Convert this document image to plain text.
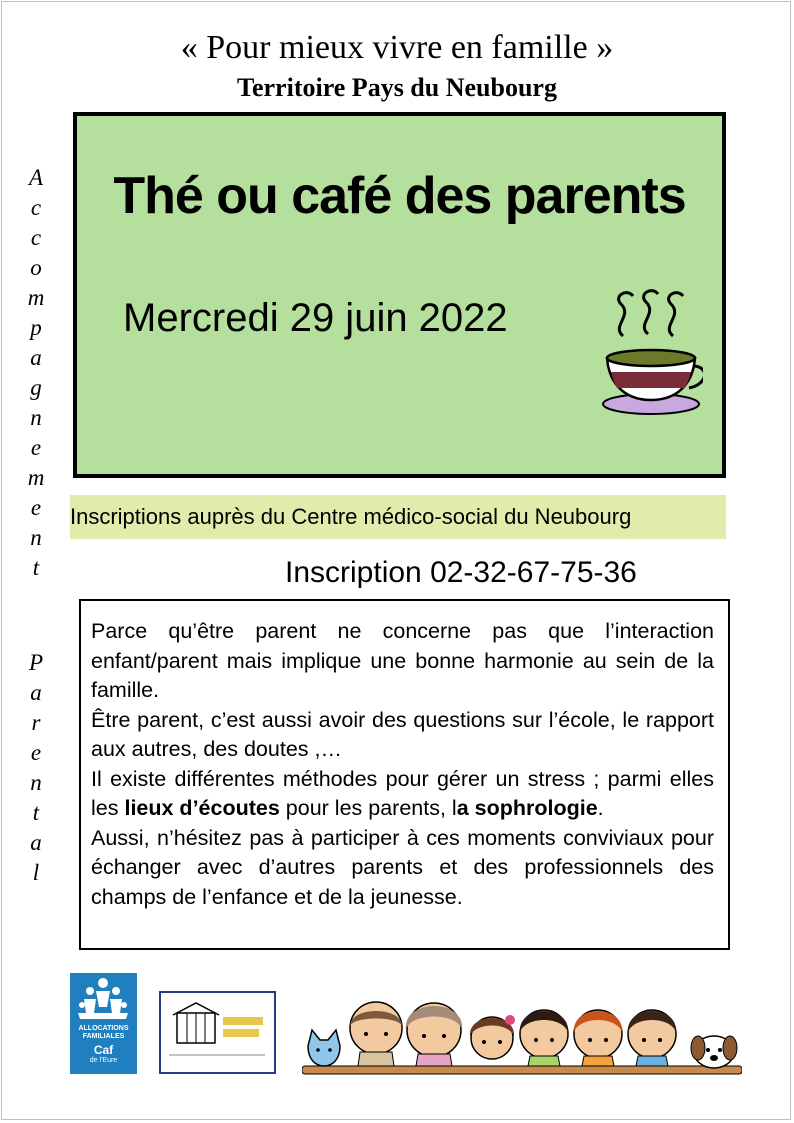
« Pour mieux vivre en famille »
Territoire Pays du Neubourg
A
c
c
o
m
p
a
g
n
e
m
e
n
t
P
a
r
e
n
t
a
l
Thé ou café des parents
Mercredi 29 juin 2022
Inscriptions auprès du Centre médico-social du Neubourg
Inscription 02-32-67-75-36

Parce qu’être parent ne concerne pas que l’interaction enfant/parent mais implique une bonne harmonie au sein de la famille.

Être parent, c’est aussi avoir des questions sur l’école, le rapport aux autres, des doutes ,…

Il existe différentes méthodes pour gérer un stress ; parmi elles les lieux d’écoutes pour les parents, la sophrologie.

Aussi, n’hésitez pas à participer à ces moments conviviaux pour échanger avec d’autres parents et des professionnels des champs de l’enfance et de la jeunesse.

ALLOCATIONS FAMILIALES
Caf
de l'Eure
